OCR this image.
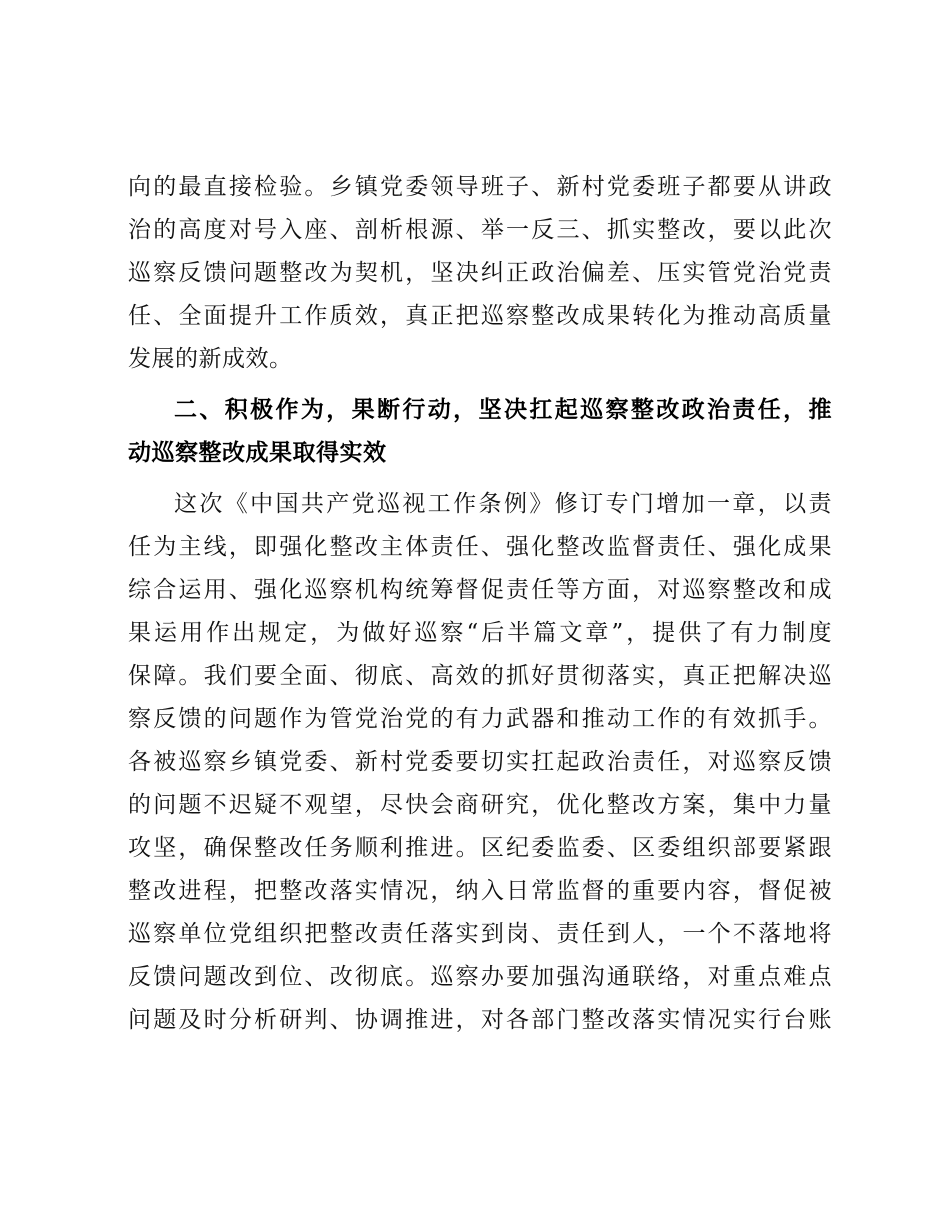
向的最直接检验。乡镇党委领导班子、新村党委班子都要从讲政
治的高度对号入座、剖析根源、举一反三、抓实整改，要以此次
巡察反馈问题整改为契机，坚决纠正政治偏差、压实管党治党责
任、全面提升工作质效，真正把巡察整改成果转化为推动高质量
发展的新成效。
二、积极作为，果断行动，坚决扛起巡察整改政治责任，推
动巡察整改成果取得实效
这次《中国共产党巡视工作条例》修订专门增加一章，以责
任为主线，即强化整改主体责任、强化整改监督责任、强化成果
综合运用、强化巡察机构统筹督促责任等方面，对巡察整改和成
果运用作出规定，为做好巡察“后半篇文章”，提供了有力制度
保障。我们要全面、彻底、高效的抓好贯彻落实，真正把解决巡
察反馈的问题作为管党治党的有力武器和推动工作的有效抓手。
各被巡察乡镇党委、新村党委要切实扛起政治责任，对巡察反馈
的问题不迟疑不观望，尽快会商研究，优化整改方案，集中力量
攻坚，确保整改任务顺利推进。区纪委监委、区委组织部要紧跟
整改进程，把整改落实情况，纳入日常监督的重要内容，督促被
巡察单位党组织把整改责任落实到岗、责任到人，一个不落地将
反馈问题改到位、改彻底。巡察办要加强沟通联络，对重点难点
问题及时分析研判、协调推进，对各部门整改落实情况实行台账
